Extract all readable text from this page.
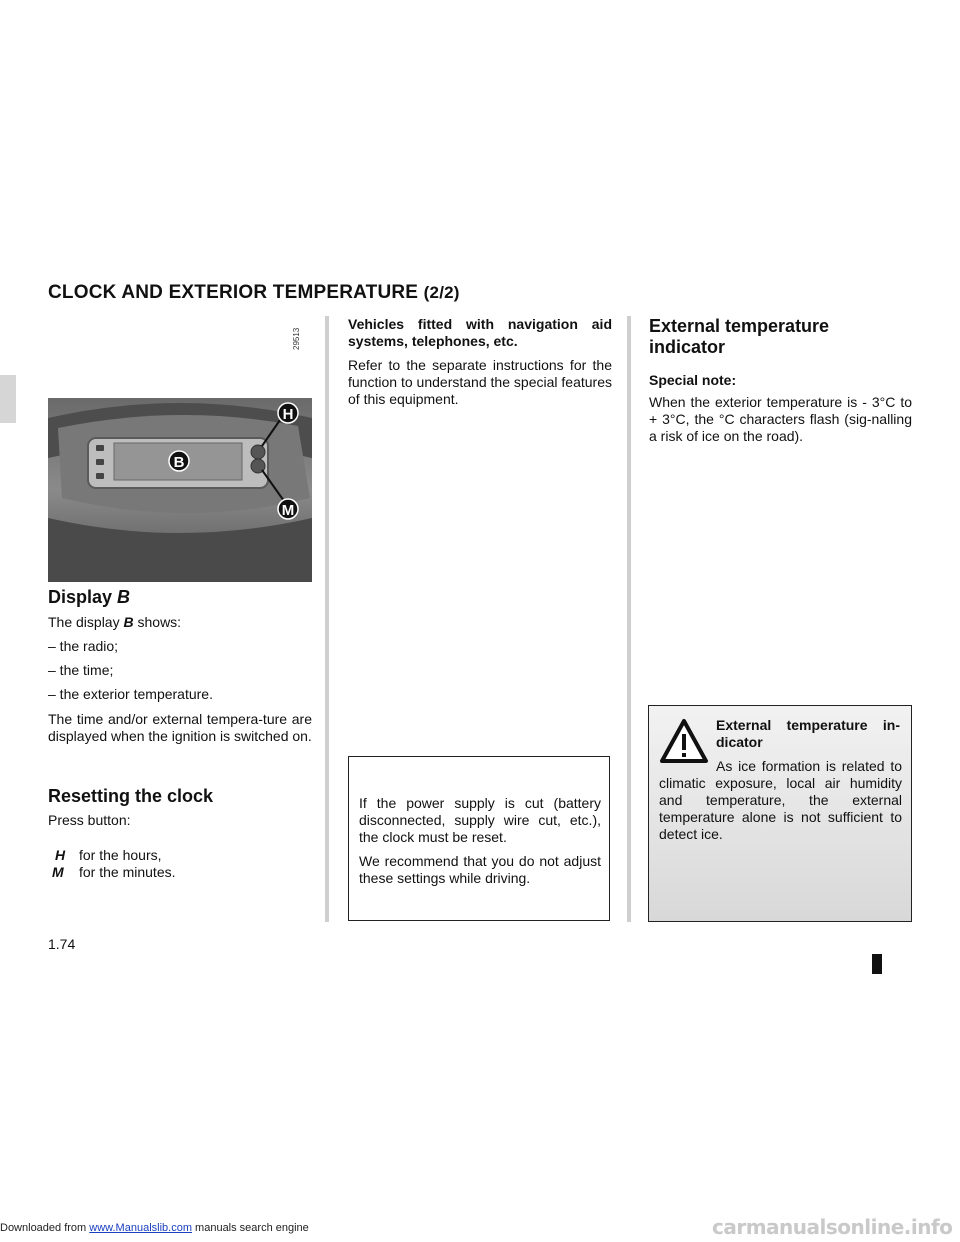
CLOCK AND EXTERIOR TEMPERATURE (2/2)
29513
H
B
M
Display B
The display B shows:
– the radio;
– the time;
– the exterior temperature.

The time and/or external tempera-ture are displayed when the ignition is switched on.

Resetting the clock
Press button:
H for the hours,
M for the minutes.

Vehicles fitted with navigation aid systems, telephones, etc.

Refer to the separate instructions for the function to understand the special features of this equipment.

If the power supply is cut (battery disconnected, supply wire cut, etc.), the clock must be reset.

We recommend that you do not adjust these settings while driving.

External temperature
indicator
Special note:

When the exterior temperature is - 3°C to + 3°C, the °C characters flash (sig-nalling a risk of ice on the road).

External temperature in-dicator
As ice formation is related to climatic exposure, local air humidity and temperature, the external temperature alone is not sufficient to detect ice.
1.74
Downloaded from www.Manualslib.com manuals search engine	carmanualsonline.info
